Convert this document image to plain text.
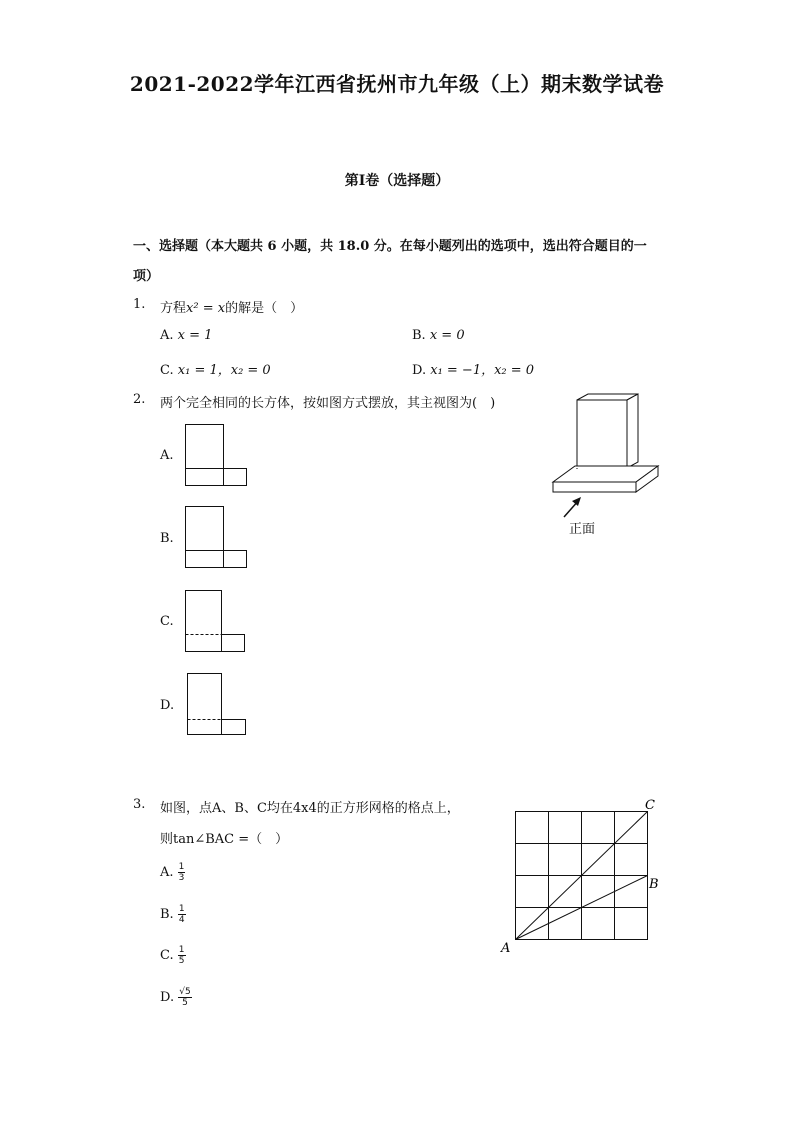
2021-2022学年江西省抚州市九年级（上）期末数学试卷
第Ⅰ卷（选择题）
一、选择题（本大题共 6 小题，共 18.0 分。在每小题列出的选项中，选出符合题目的一项）
1. 方程x² = x的解是（　）
A. x = 1	B. x = 0
C. x₁ = 1，x₂ = 0	D. x₁ = −1，x₂ = 0
2. 两个完全相同的长方体，按如图方式摆放，其主视图为(　)
正面
A.
B.
C.
D.
3. 如图，点A、B、C均在4x4的正方形网格的格点上，
则tan∠BAC =（　）
C
B
A
A. $\frac{1}{3}$
B. $\frac{1}{4}$
C. $\frac{1}{5}$
D. $\frac{√5}{5}$
